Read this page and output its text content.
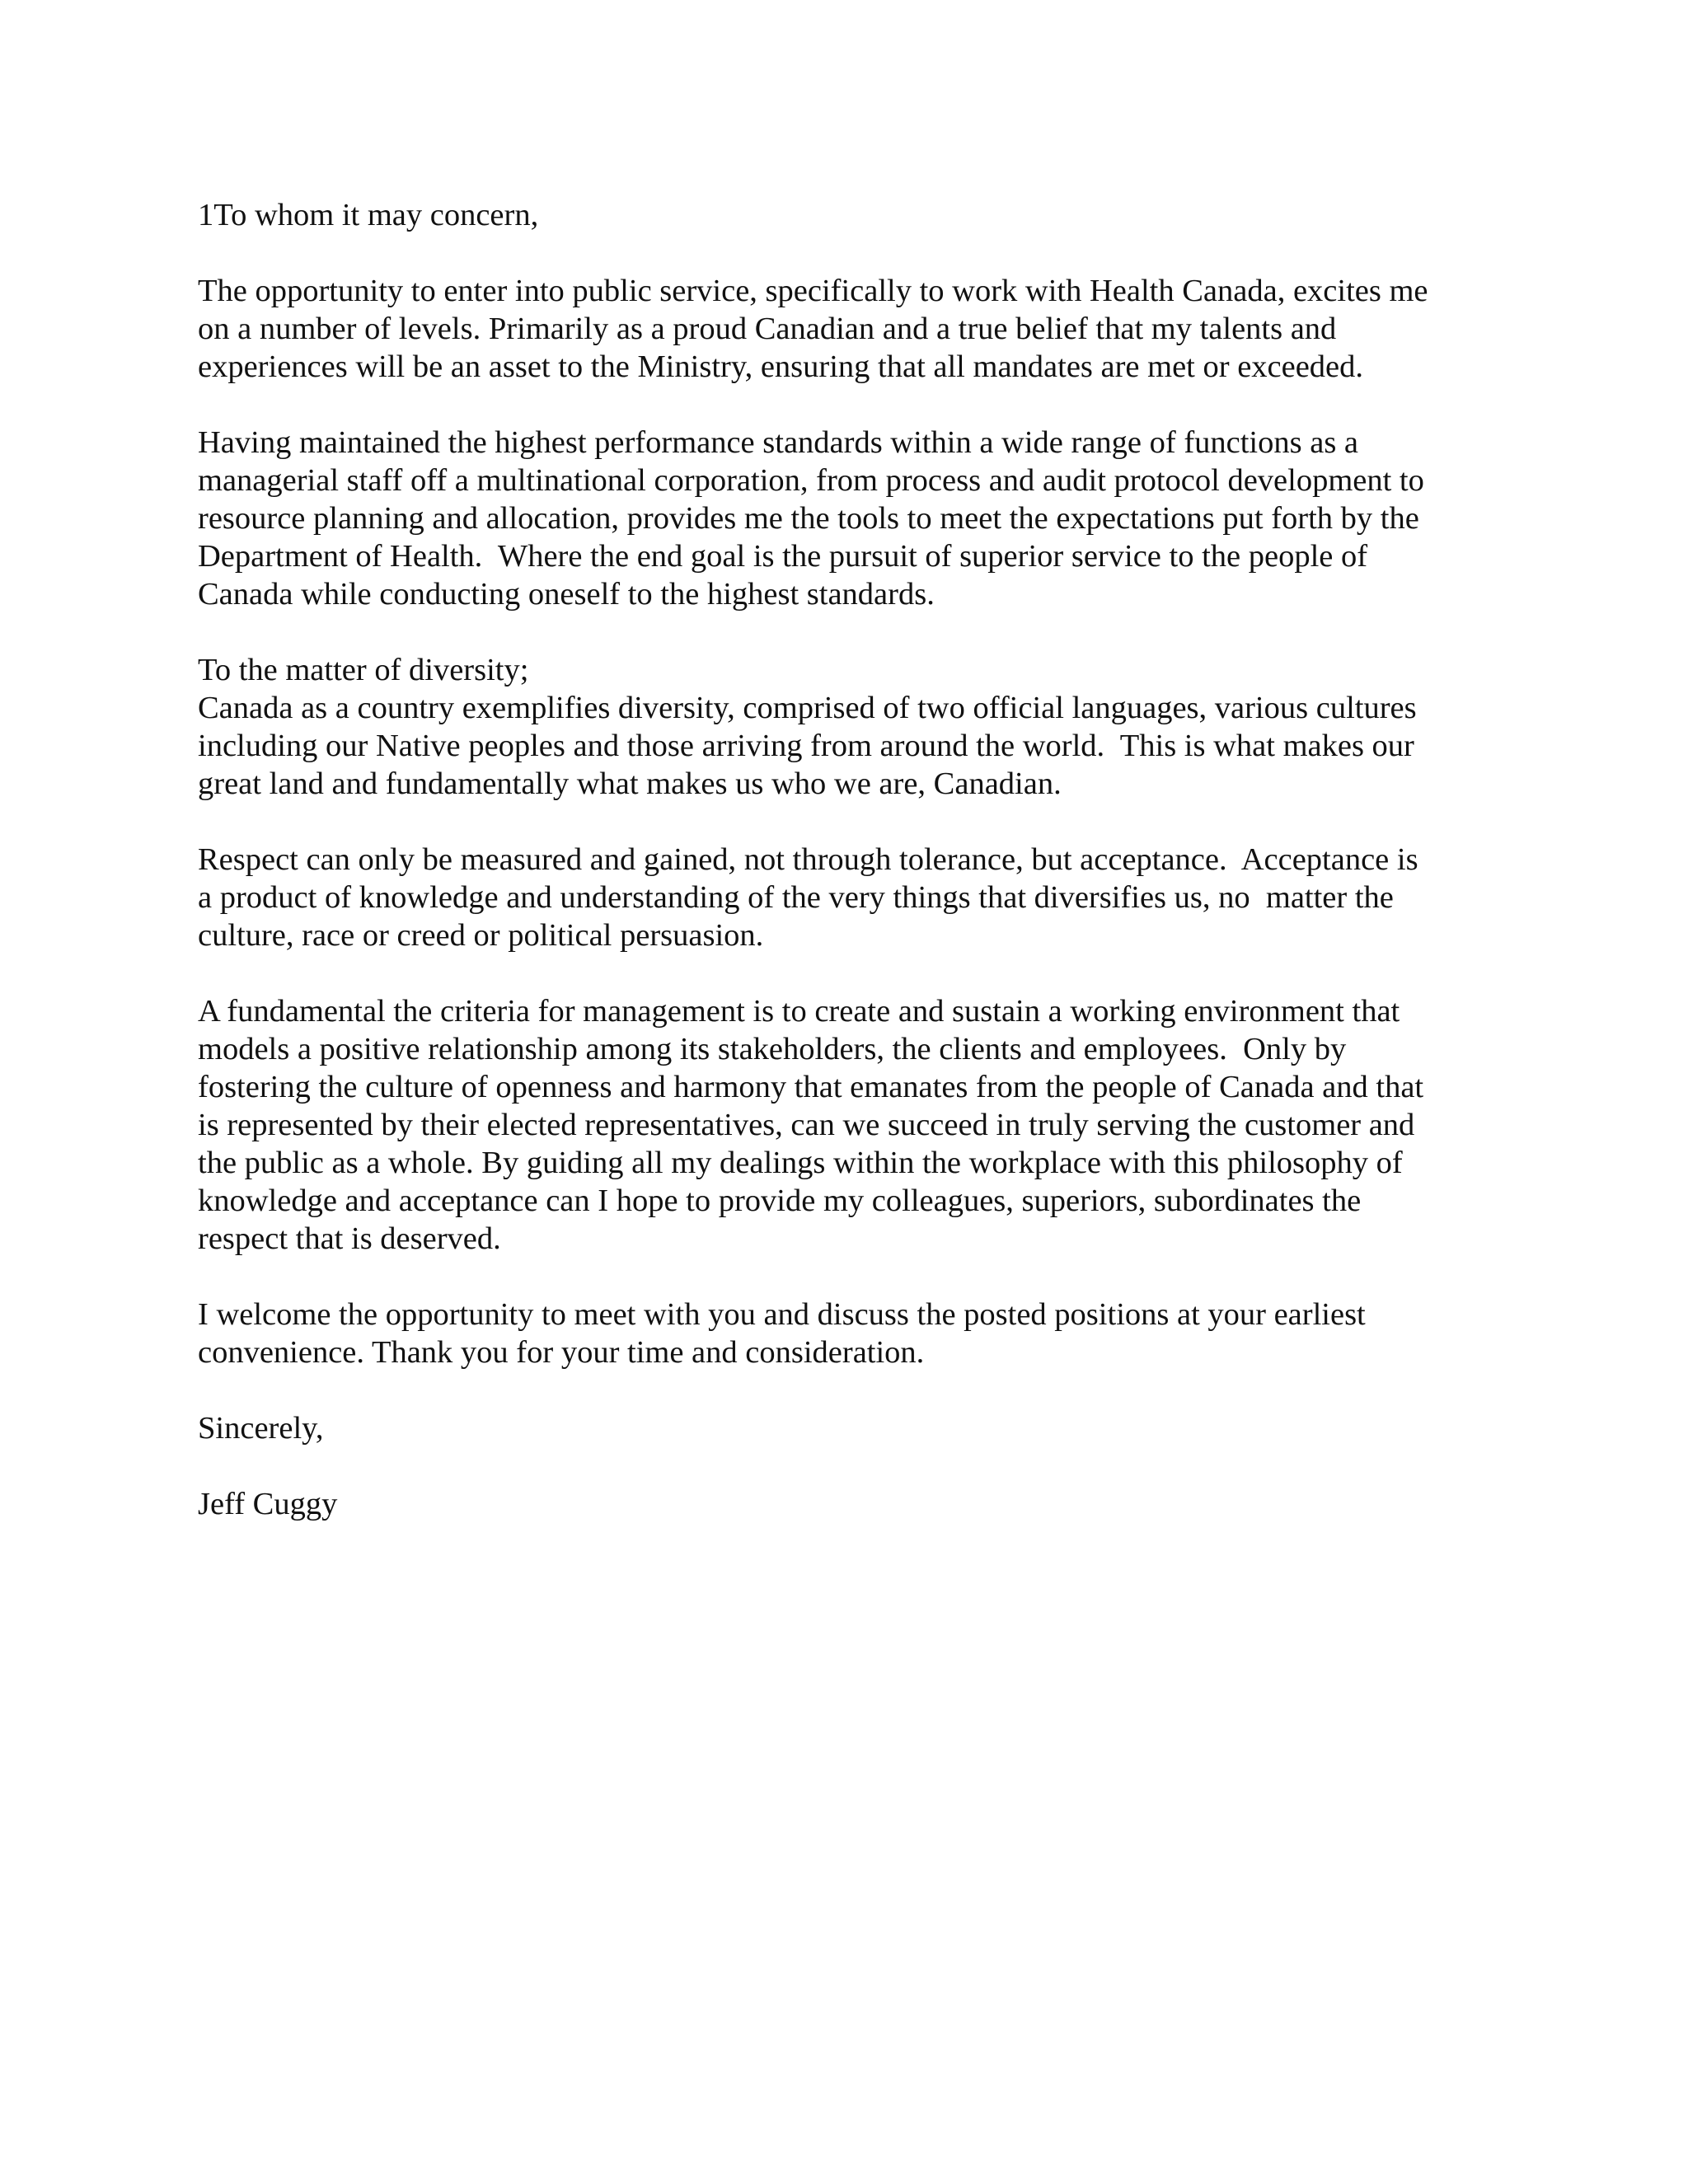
1To whom it may concern,
The opportunity to enter into public service, specifically to work with Health Canada, excites me
on a number of levels. Primarily as a proud Canadian and a true belief that my talents and
experiences will be an asset to the Ministry, ensuring that all mandates are met or exceeded.
Having maintained the highest performance standards within a wide range of functions as a
managerial staff off a multinational corporation, from process and audit protocol development to
resource planning and allocation, provides me the tools to meet the expectations put forth by the
Department of Health.  Where the end goal is the pursuit of superior service to the people of
Canada while conducting oneself to the highest standards.
To the matter of diversity;
Canada as a country exemplifies diversity, comprised of two official languages, various cultures
including our Native peoples and those arriving from around the world.  This is what makes our
great land and fundamentally what makes us who we are, Canadian.
Respect can only be measured and gained, not through tolerance, but acceptance.  Acceptance is
a product of knowledge and understanding of the very things that diversifies us, no  matter the
culture, race or creed or political persuasion.
A fundamental the criteria for management is to create and sustain a working environment that
models a positive relationship among its stakeholders, the clients and employees.  Only by
fostering the culture of openness and harmony that emanates from the people of Canada and that
is represented by their elected representatives, can we succeed in truly serving the customer and
the public as a whole. By guiding all my dealings within the workplace with this philosophy of
knowledge and acceptance can I hope to provide my colleagues, superiors, subordinates the
respect that is deserved.
I welcome the opportunity to meet with you and discuss the posted positions at your earliest
convenience. Thank you for your time and consideration.
Sincerely,
Jeff Cuggy
